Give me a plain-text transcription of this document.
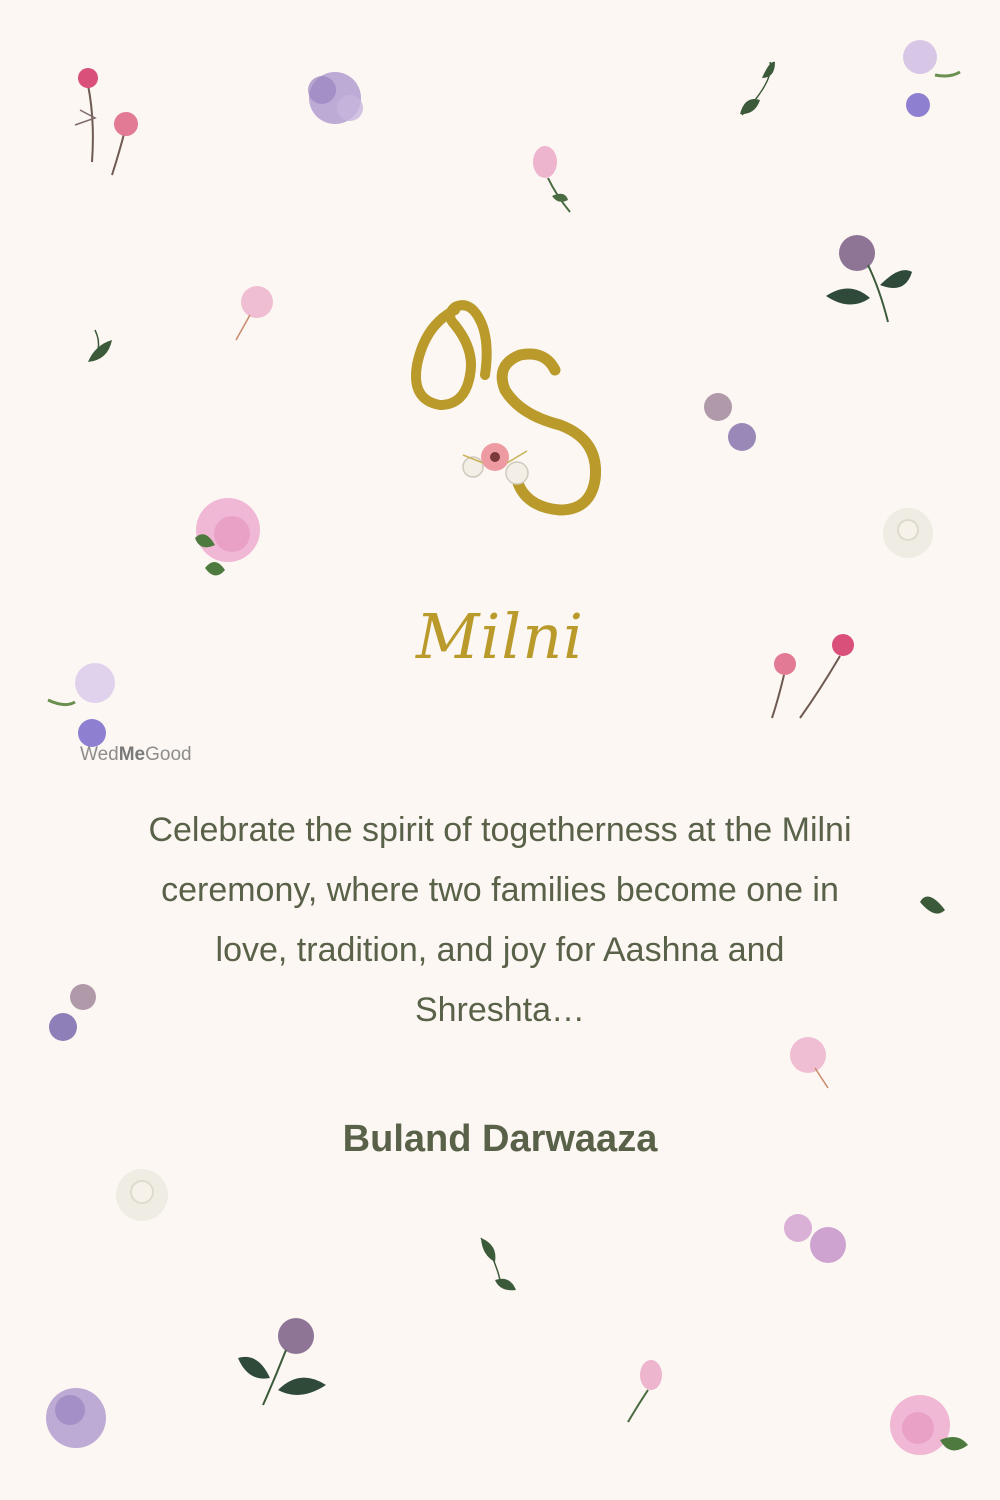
Milni
WedMeGood
Celebrate the spirit of togetherness at the Milni ceremony, where two families become one in love, tradition, and joy for Aashna and Shreshta…
Buland Darwaaza
